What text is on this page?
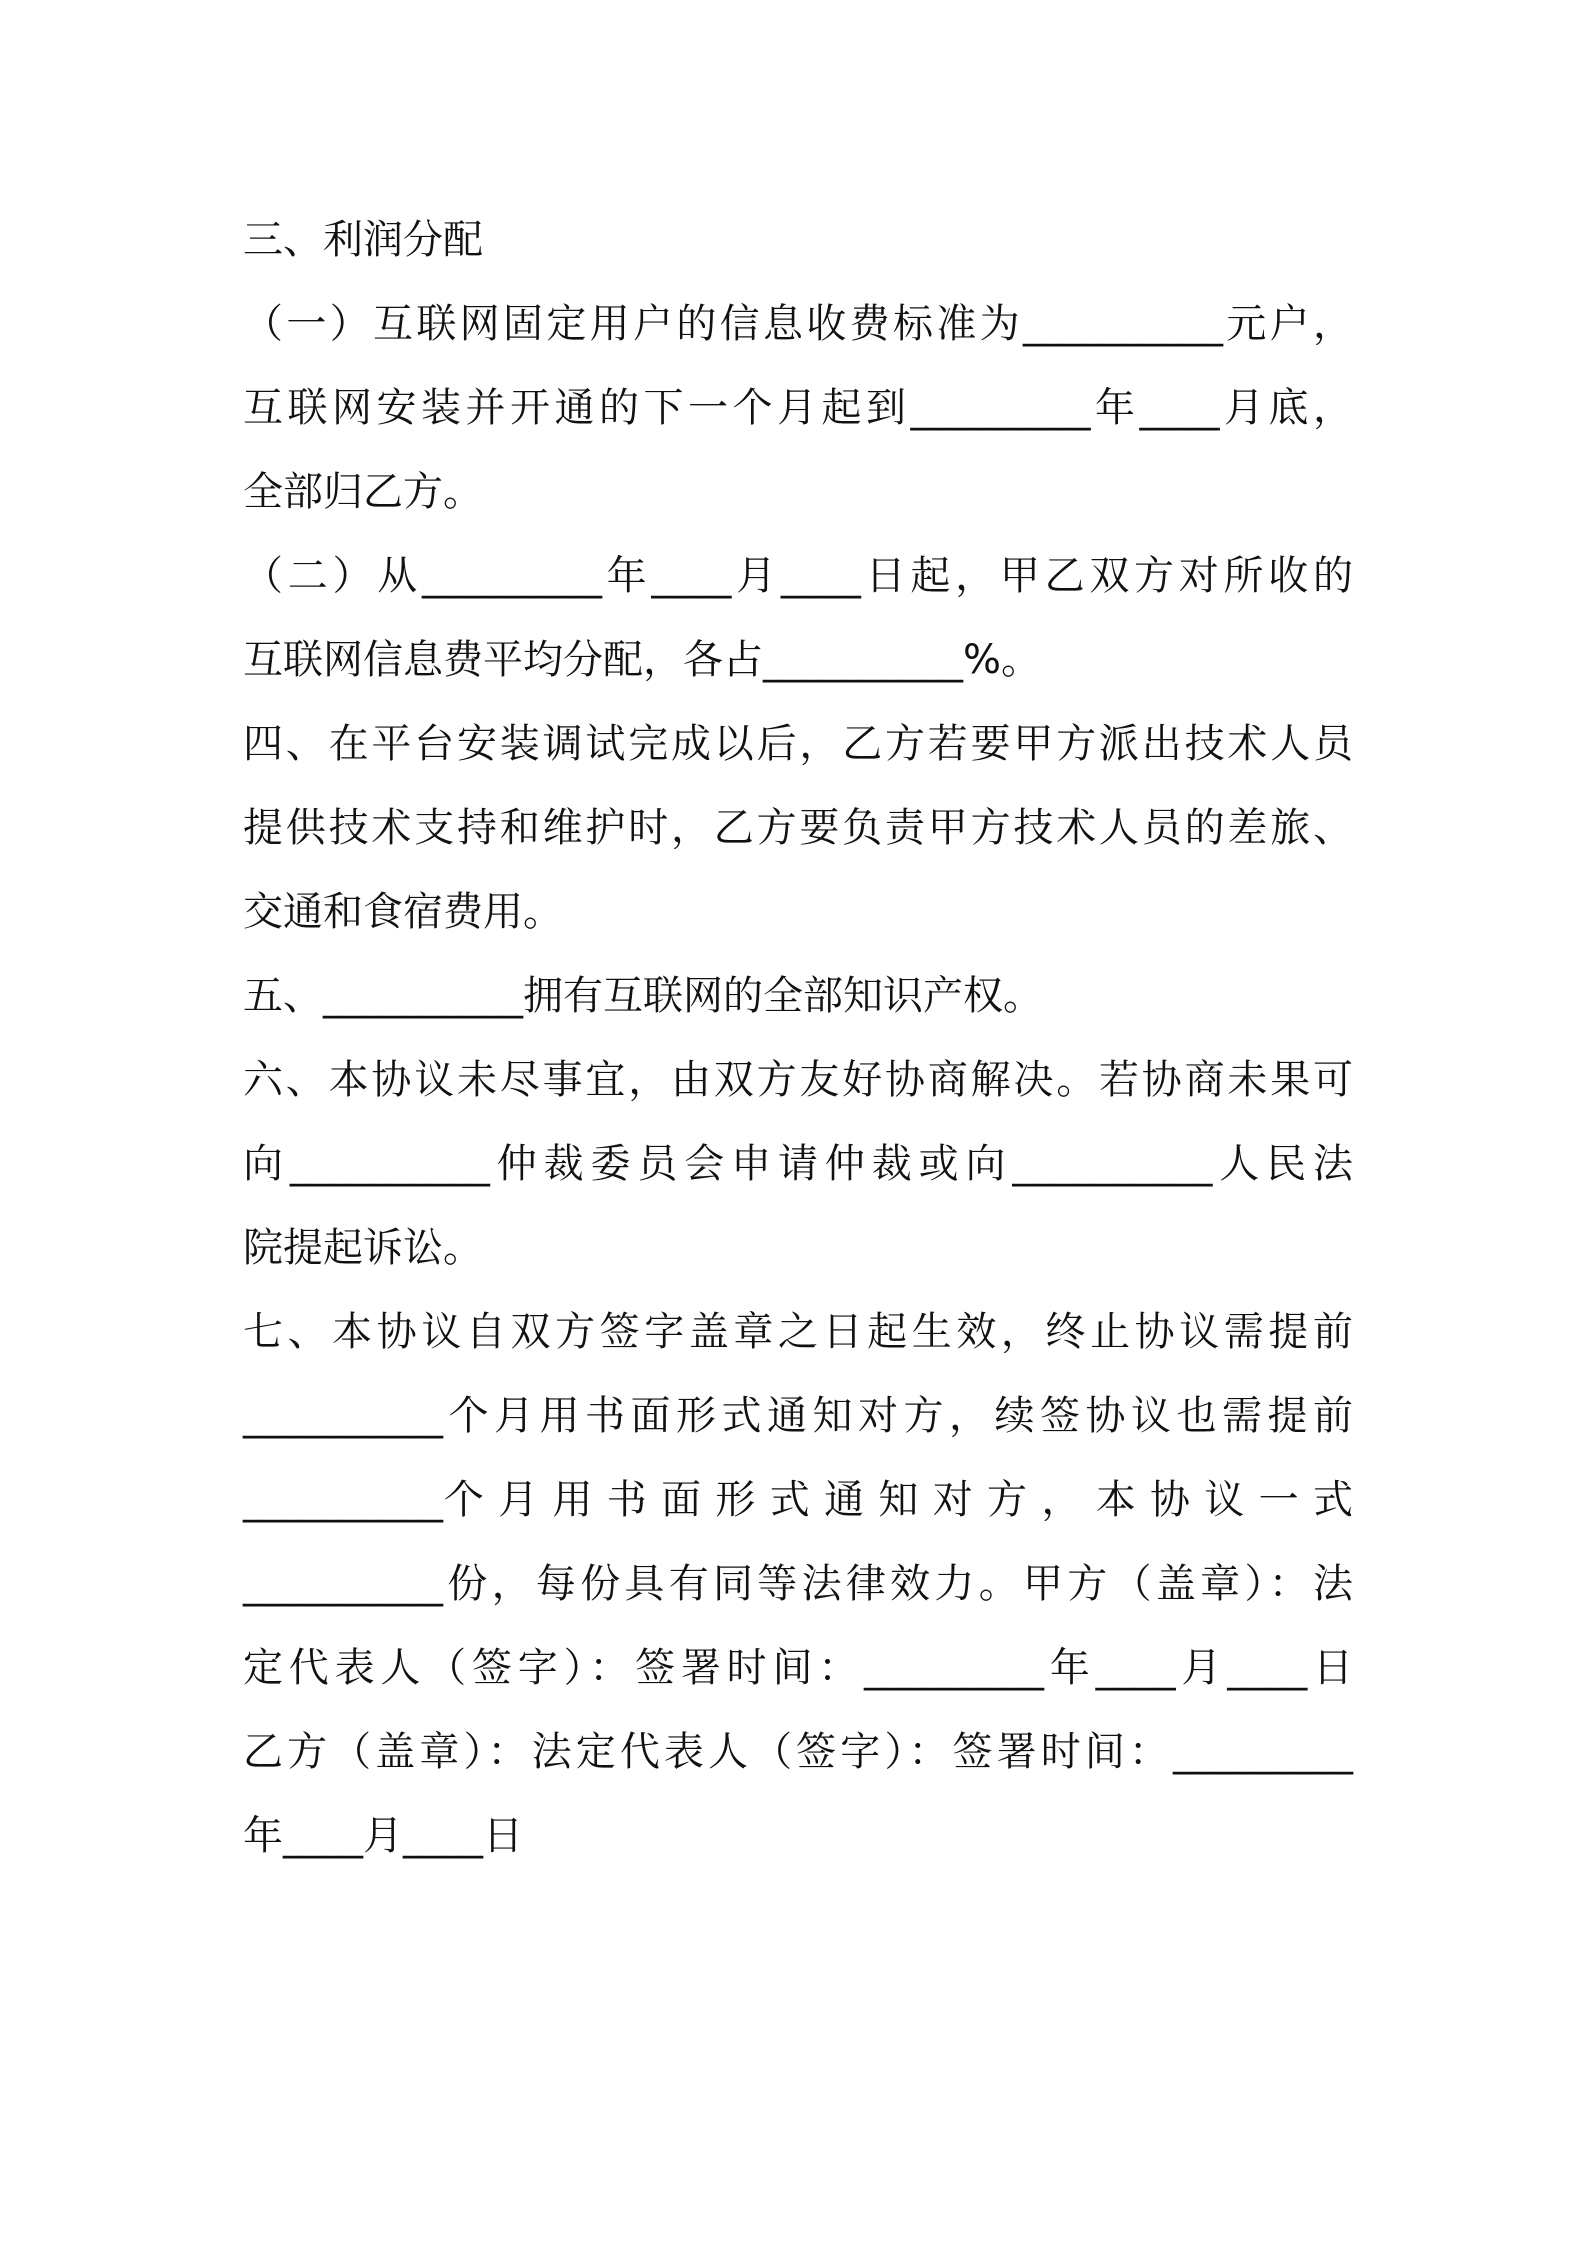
三、利润分配
（一）互联网固定用户的信息收费标准为__________元户，
互联网安装并开通的下一个月起到_________年____月底，
全部归乙方。
（二）从_________年____月____日起，甲乙双方对所收的
互联网信息费平均分配，各占__________%。
四、在平台安装调试完成以后，乙方若要甲方派出技术人员
提供技术支持和维护时，乙方要负责甲方技术人员的差旅、
交通和食宿费用。
五、__________拥有互联网的全部知识产权。
六、本协议未尽事宜，由双方友好协商解决。若协商未果可
向__________仲裁委员会申请仲裁或向__________人民法
院提起诉讼。
七、本协议自双方签字盖章之日起生效，终止协议需提前
__________个月用书面形式通知对方，续签协议也需提前
__________个 月 用 书 面 形 式 通 知 对 方 ， 本 协 议 一 式
__________份，每份具有同等法律效力。甲方（盖章）：法
定代表人（签字）：签署时间：_________年____月____日
乙方（盖章）：法定代表人（签字）：签署时间：_________
年____月____日
